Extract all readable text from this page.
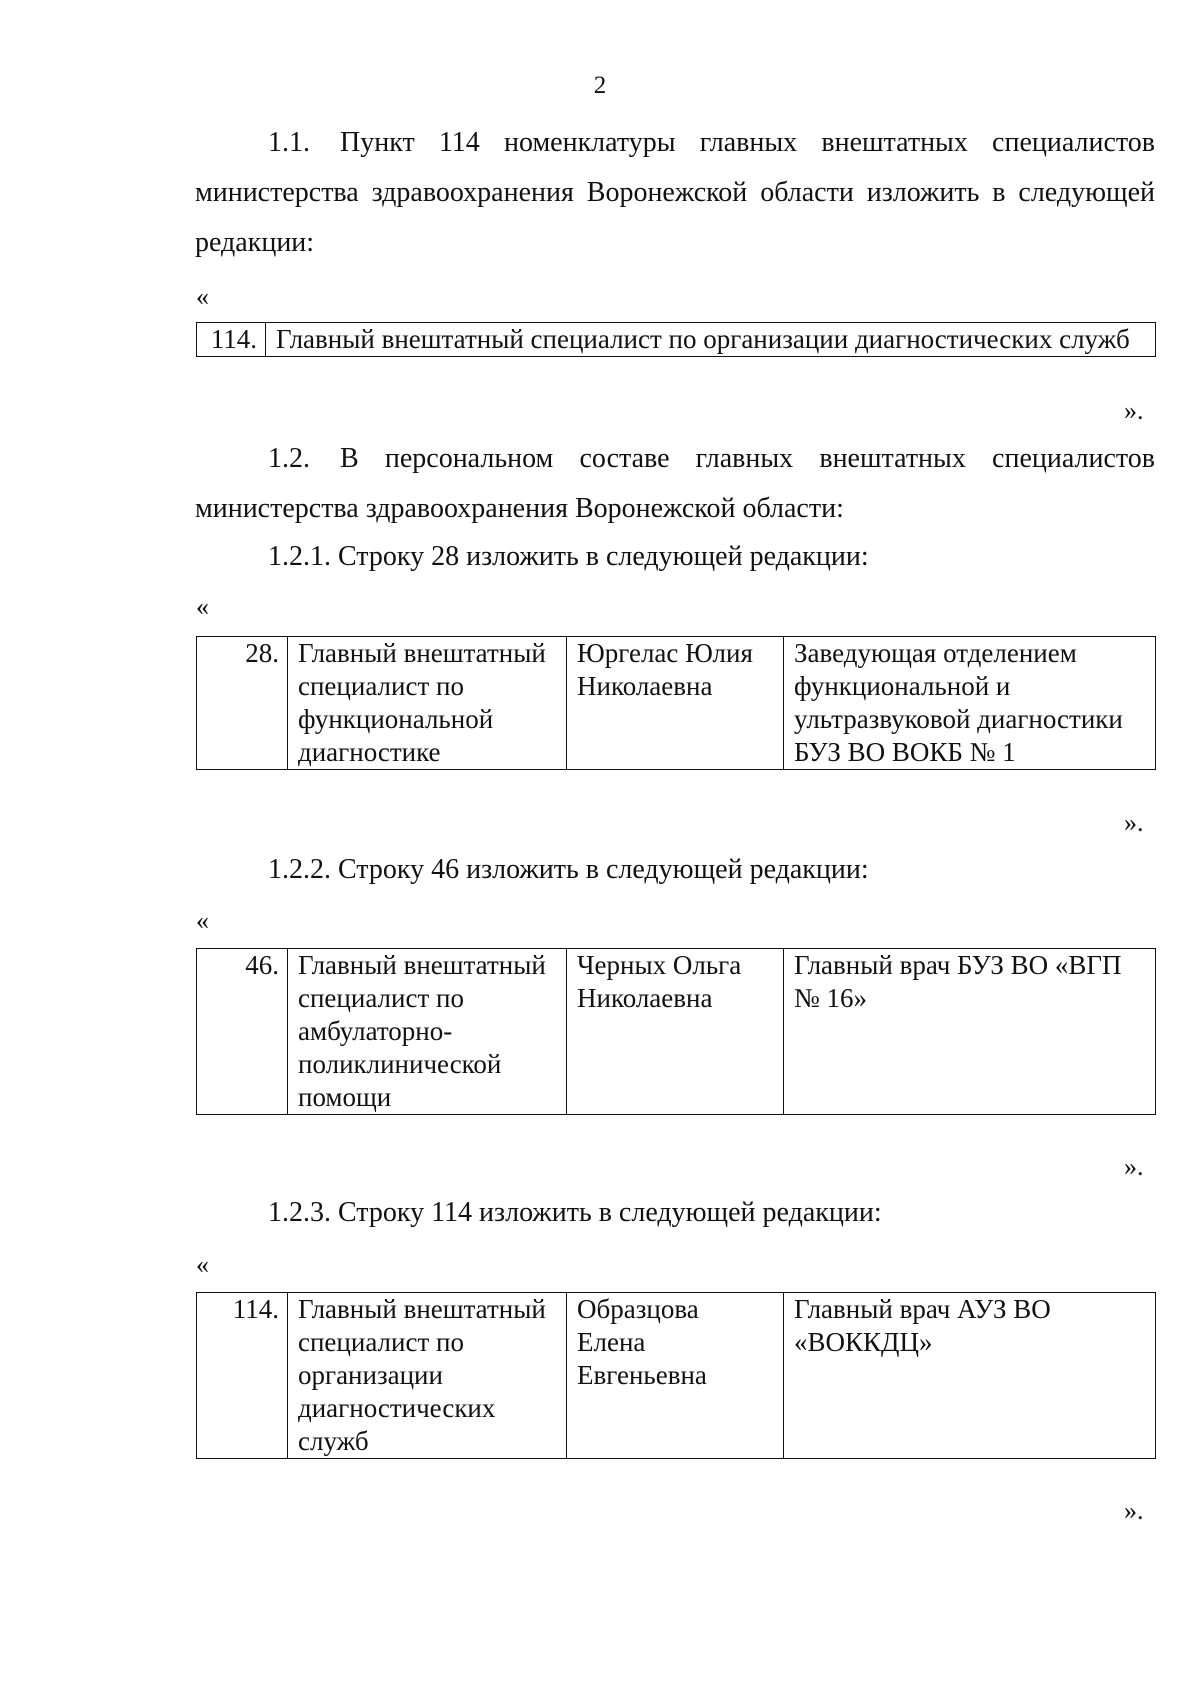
2
1.1. Пункт 114 номенклатуры главных внештатных специалистов министерства здравоохранения Воронежской области изложить в следующей редакции:
«
114.	Главный внештатный специалист по организации диагностических служб
».
1.2. В персональном составе главных внештатных специалистов министерства здравоохранения Воронежской области:
1.2.1. Строку 28 изложить в следующей редакции:
«
28.	Главный внештатный специалист по функциональной диагностике	Юргелас Юлия Николаевна	Заведующая отделением функциональной и ультразвуковой диагностики БУЗ ВО ВОКБ № 1
».
1.2.2. Строку 46 изложить в следующей редакции:
«
46.	Главный внештатный специалист по амбулаторно-поликлинической помощи	Черных Ольга Николаевна	Главный врач БУЗ ВО «ВГП № 16»
».
1.2.3. Строку 114 изложить в следующей редакции:
«
114.	Главный внештатный специалист по организации диагностических служб	Образцова Елена Евгеньевна	Главный врач АУЗ ВО «ВОККДЦ»
».
